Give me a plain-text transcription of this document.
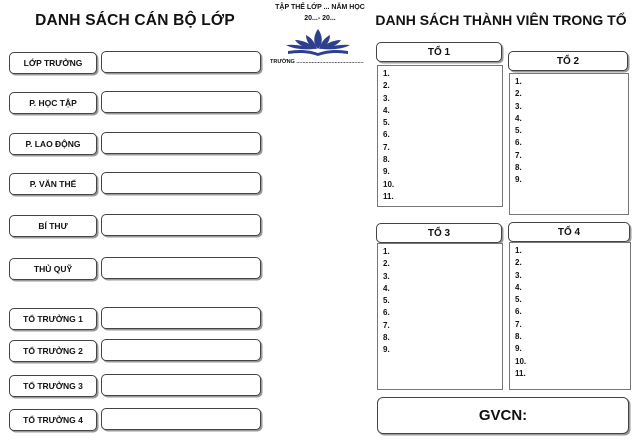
DANH SÁCH CÁN BỘ LỚP	DANH SÁCH THÀNH VIÊN TRONG TỔ
TẬP THỂ LỚP ... NĂM HỌC
20...- 20...
TRƯỜNG ............................................
LỚP TRƯỞNG
P. HỌC TẬP
P. LAO ĐỘNG
P. VĂN THỂ
BÍ THƯ
THỦ QUỸ
TỔ TRƯỞNG 1
TỔ TRƯỞNG 2
TỔ TRƯỞNG 3
TỔ TRƯỞNG 4
TỔ 1
1.
2.
3.
4.
5.
6.
7.
8.
9.
10.
11.
TỔ 2
1.
2.
3.
4.
5.
6.
7.
8.
9.
TỔ 3
1.
2.
3.
4.
5.
6.
7.
8.
9.
TỔ 4
1.
2.
3.
4.
5.
6.
7.
8.
9.
10.
11.
GVCN:
